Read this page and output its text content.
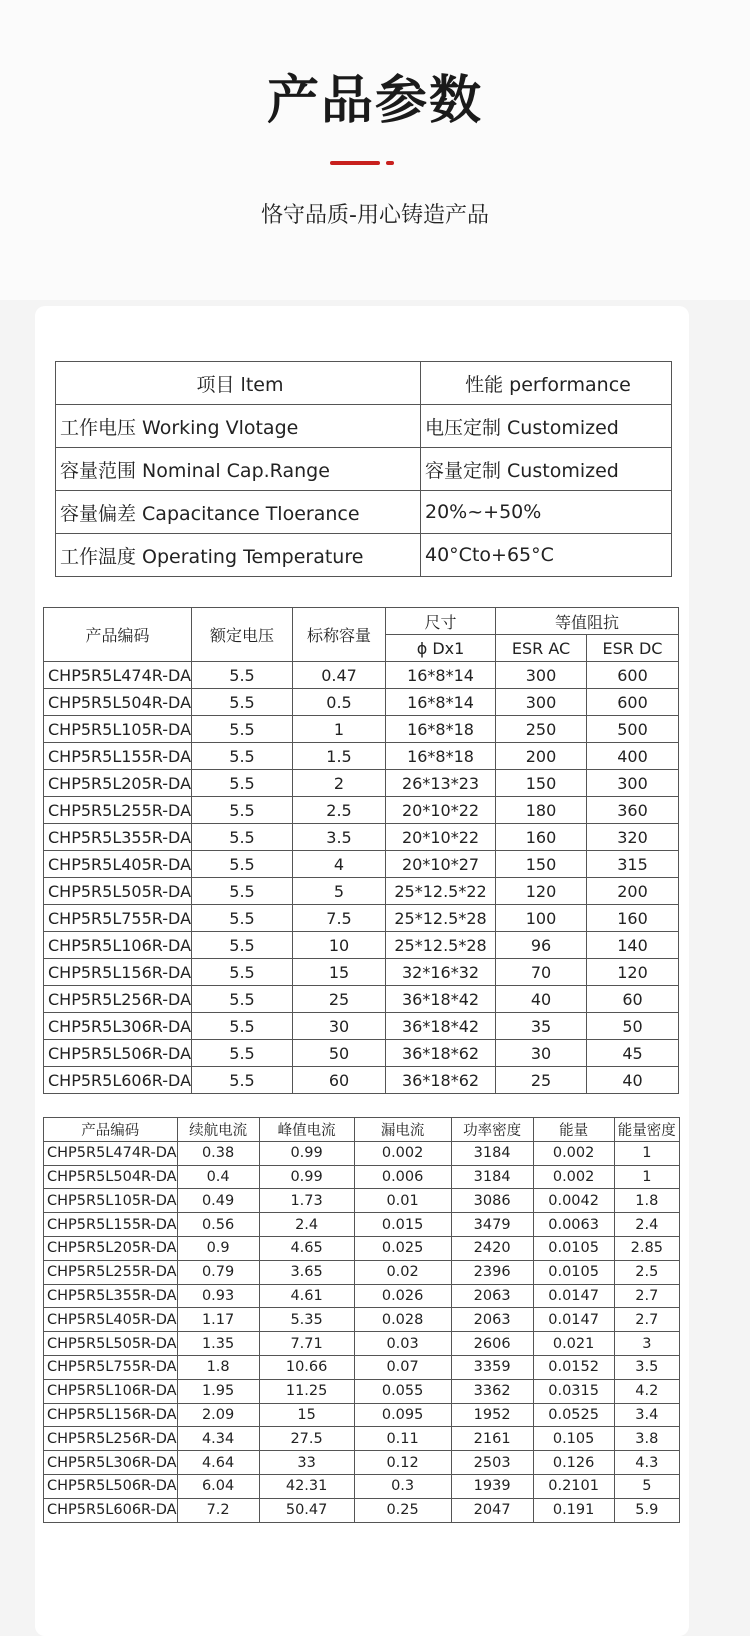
产品参数
恪守品质-用心铸造产品
项目 ltem	性能 performance
工作电压 Working Vlotage	电压定制 Customized
容量范围 Nominal Cap.Range	容量定制 Customized
容量偏差 Capacitance Tloerance	20%~+50%
工作温度 Operating Temperature	40°Cto+65°C
产品编码	额定电压	标称容量	尺寸	等值阻抗	
			ϕ Dx1	ESR AC	ESR DC
CHP5R5L474R-DA	5.5	0.47	16*8*14	300	600
CHP5R5L504R-DA	5.5	0.5	16*8*14	300	600
CHP5R5L105R-DA	5.5	1	16*8*18	250	500
CHP5R5L155R-DA	5.5	1.5	16*8*18	200	400
CHP5R5L205R-DA	5.5	2	26*13*23	150	300
CHP5R5L255R-DA	5.5	2.5	20*10*22	180	360
CHP5R5L355R-DA	5.5	3.5	20*10*22	160	320
CHP5R5L405R-DA	5.5	4	20*10*27	150	315
CHP5R5L505R-DA	5.5	5	25*12.5*22	120	200
CHP5R5L755R-DA	5.5	7.5	25*12.5*28	100	160
CHP5R5L106R-DA	5.5	10	25*12.5*28	96	140
CHP5R5L156R-DA	5.5	15	32*16*32	70	120
CHP5R5L256R-DA	5.5	25	36*18*42	40	60
CHP5R5L306R-DA	5.5	30	36*18*42	35	50
CHP5R5L506R-DA	5.5	50	36*18*62	30	45
CHP5R5L606R-DA	5.5	60	36*18*62	25	40
产品编码	续航电流	峰值电流	漏电流	功率密度	能量	能量密度
CHP5R5L474R-DA	0.38	0.99	0.002	3184	0.002	1
CHP5R5L504R-DA	0.4	0.99	0.006	3184	0.002	1
CHP5R5L105R-DA	0.49	1.73	0.01	3086	0.0042	1.8
CHP5R5L155R-DA	0.56	2.4	0.015	3479	0.0063	2.4
CHP5R5L205R-DA	0.9	4.65	0.025	2420	0.0105	2.85
CHP5R5L255R-DA	0.79	3.65	0.02	2396	0.0105	2.5
CHP5R5L355R-DA	0.93	4.61	0.026	2063	0.0147	2.7
CHP5R5L405R-DA	1.17	5.35	0.028	2063	0.0147	2.7
CHP5R5L505R-DA	1.35	7.71	0.03	2606	0.021	3
CHP5R5L755R-DA	1.8	10.66	0.07	3359	0.0152	3.5
CHP5R5L106R-DA	1.95	11.25	0.055	3362	0.0315	4.2
CHP5R5L156R-DA	2.09	15	0.095	1952	0.0525	3.4
CHP5R5L256R-DA	4.34	27.5	0.11	2161	0.105	3.8
CHP5R5L306R-DA	4.64	33	0.12	2503	0.126	4.3
CHP5R5L506R-DA	6.04	42.31	0.3	1939	0.2101	5
CHP5R5L606R-DA	7.2	50.47	0.25	2047	0.191	5.9
